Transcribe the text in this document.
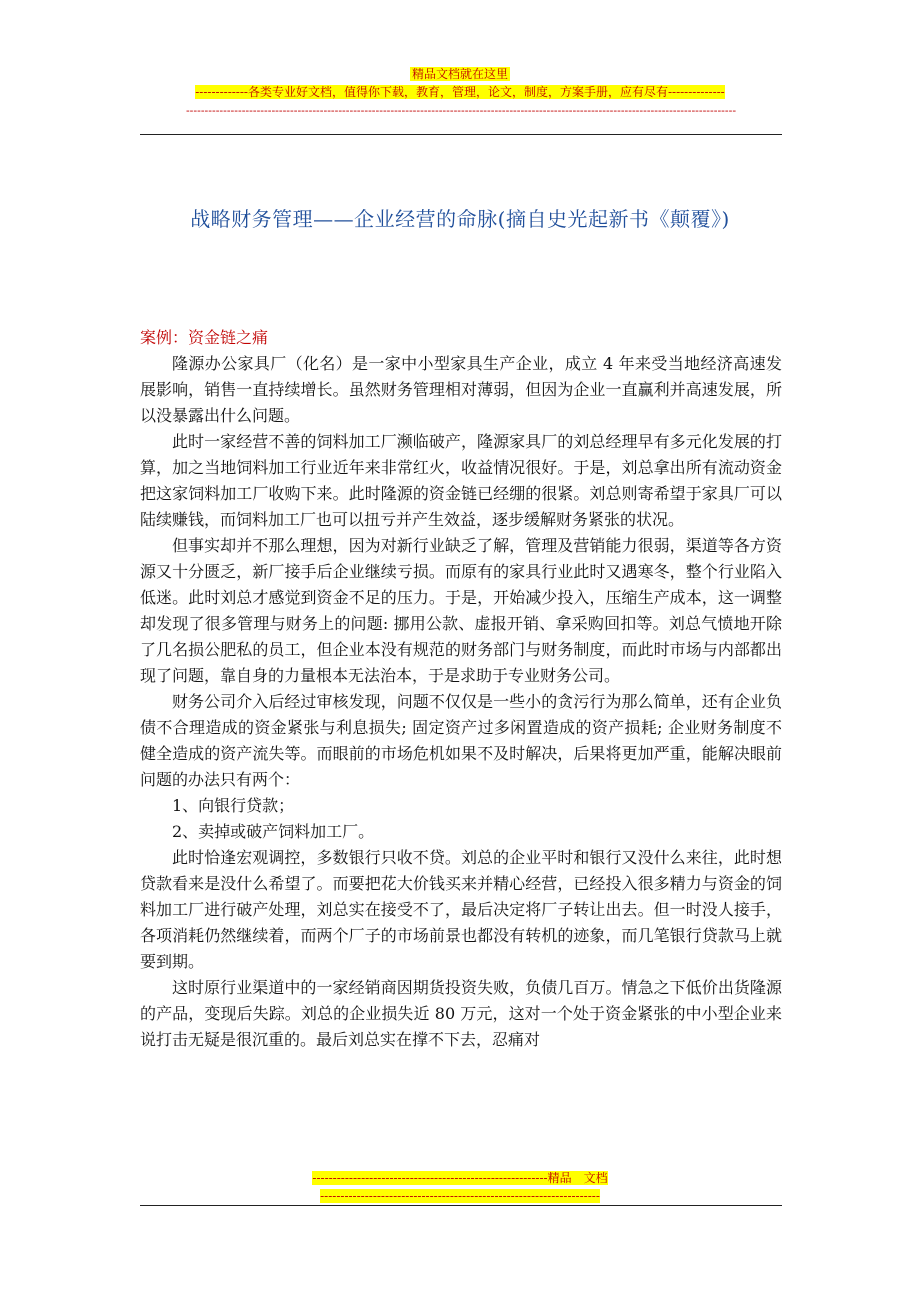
精品文档就在这里
-------------各类专业好文档，值得你下载，教育，管理，论文，制度，方案手册，应有尽有--------------
----------------------------------------------------------------------------------------------------------------------------------------------------
战略财务管理——企业经营的命脉(摘自史光起新书《颠覆》)

案例：资金链之痛

隆源办公家具厂（化名）是一家中小型家具生产企业，成立 4 年来受当地经济高速发展影响，销售一直持续增长。虽然财务管理相对薄弱，但因为企业一直赢利并高速发展，所以没暴露出什么问题。

此时一家经营不善的饲料加工厂濒临破产，隆源家具厂的刘总经理早有多元化发展的打算，加之当地饲料加工行业近年来非常红火，收益情况很好。于是，刘总拿出所有流动资金把这家饲料加工厂收购下来。此时隆源的资金链已经绷的很紧。刘总则寄希望于家具厂可以陆续赚钱，而饲料加工厂也可以扭亏并产生效益，逐步缓解财务紧张的状况。

但事实却并不那么理想，因为对新行业缺乏了解，管理及营销能力很弱，渠道等各方资源又十分匮乏，新厂接手后企业继续亏损。而原有的家具行业此时又遇寒冬，整个行业陷入低迷。此时刘总才感觉到资金不足的压力。于是，开始减少投入，压缩生产成本，这一调整却发现了很多管理与财务上的问题: 挪用公款、虚报开销、拿采购回扣等。刘总气愤地开除了几名损公肥私的员工，但企业本没有规范的财务部门与财务制度，而此时市场与内部都出现了问题，靠自身的力量根本无法治本，于是求助于专业财务公司。

财务公司介入后经过审核发现，问题不仅仅是一些小的贪污行为那么简单，还有企业负债不合理造成的资金紧张与利息损失; 固定资产过多闲置造成的资产损耗; 企业财务制度不健全造成的资产流失等。而眼前的市场危机如果不及时解决，后果将更加严重，能解决眼前问题的办法只有两个：

1、向银行贷款；

2、卖掉或破产饲料加工厂。

此时恰逢宏观调控，多数银行只收不贷。刘总的企业平时和银行又没什么来往，此时想贷款看来是没什么希望了。而要把花大价钱买来并精心经营，已经投入很多精力与资金的饲料加工厂进行破产处理，刘总实在接受不了，最后决定将厂子转让出去。但一时没人接手，各项消耗仍然继续着，而两个厂子的市场前景也都没有转机的迹象，而几笔银行贷款马上就要到期。

这时原行业渠道中的一家经销商因期货投资失败，负债几百万。情急之下低价出货隆源的产品，变现后失踪。刘总的企业损失近 80 万元，这对一个处于资金紧张的中小型企业来说打击无疑是很沉重的。最后刘总实在撑不下去，忍痛对

----------------------------------------------------------精品　文档
---------------------------------------------------------------------
